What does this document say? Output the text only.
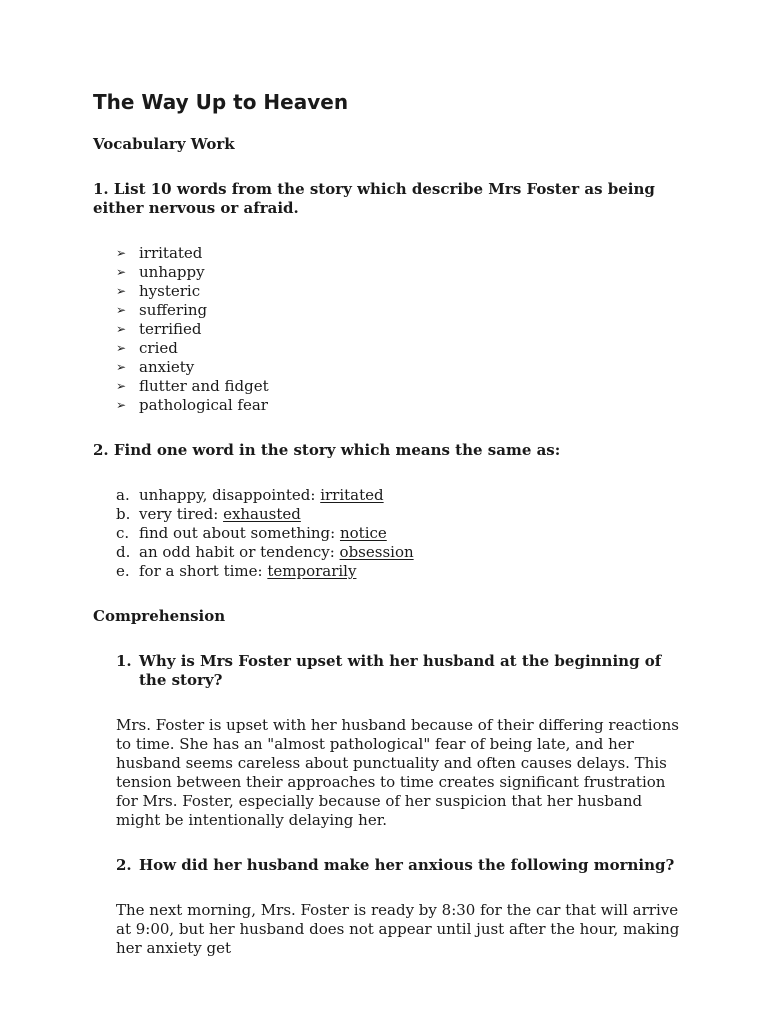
The Way Up to Heaven

Vocabulary Work

1. List 10 words from the story which describe Mrs Foster as being either nervous or afraid.

➢ irritated
➢ unhappy
➢ hysteric
➢ suffering
➢ terrified
➢ cried
➢ anxiety
➢ flutter and fidget
➢ pathological fear

2. Find one word in the story which means the same as:

a. unhappy, disappointed: irritated
b. very tired: exhausted
c. find out about something: notice
d. an odd habit or tendency: obsession
e. for a short time: temporarily

Comprehension

1. Why is Mrs Foster upset with her husband at the beginning of the story?

Mrs. Foster is upset with her husband because of their differing reactions to time. She has an "almost pathological" fear of being late, and her husband seems careless about punctuality and often causes delays. This tension between their approaches to time creates significant frustration for Mrs. Foster, especially because of her suspicion that her husband might be intentionally delaying her.

2. How did her husband make her anxious the following morning?

The next morning, Mrs. Foster is ready by 8:30 for the car that will arrive at 9:00, but her husband does not appear until just after the hour, making her anxiety get
